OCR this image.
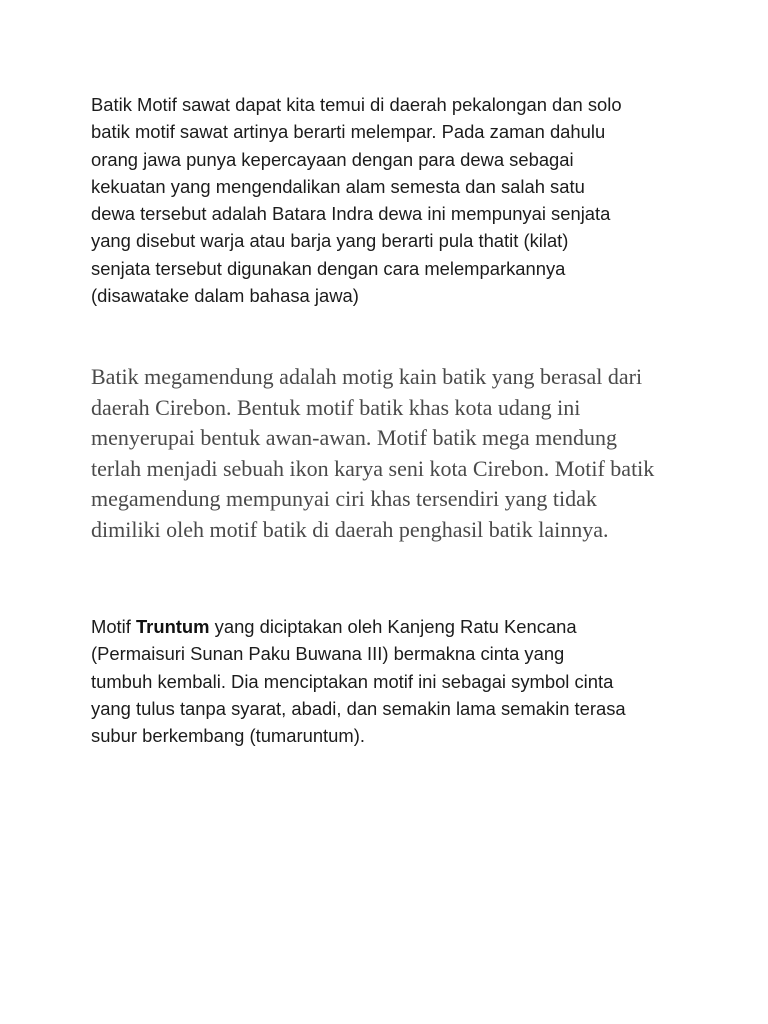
Batik Motif sawat dapat kita temui di daerah pekalongan dan solo
batik motif sawat artinya berarti melempar. Pada zaman dahulu
orang jawa punya kepercayaan dengan para dewa sebagai
kekuatan yang mengendalikan alam semesta dan salah satu
dewa tersebut adalah Batara Indra dewa ini mempunyai senjata
yang disebut warja atau barja yang berarti pula thatit (kilat)
senjata tersebut digunakan dengan cara melemparkannya
(disawatake dalam bahasa jawa)

Batik megamendung adalah motig kain batik yang berasal dari
daerah Cirebon. Bentuk motif batik khas kota udang ini
menyerupai bentuk awan-awan. Motif batik mega mendung
terlah menjadi sebuah ikon karya seni kota Cirebon. Motif batik
megamendung mempunyai ciri khas tersendiri yang tidak
dimiliki oleh motif batik di daerah penghasil batik lainnya.

Motif Truntum yang diciptakan oleh Kanjeng Ratu Kencana
(Permaisuri Sunan Paku Buwana III) bermakna cinta yang
tumbuh kembali. Dia menciptakan motif ini sebagai symbol cinta
yang tulus tanpa syarat, abadi, dan semakin lama semakin terasa
subur berkembang (tumaruntum).
